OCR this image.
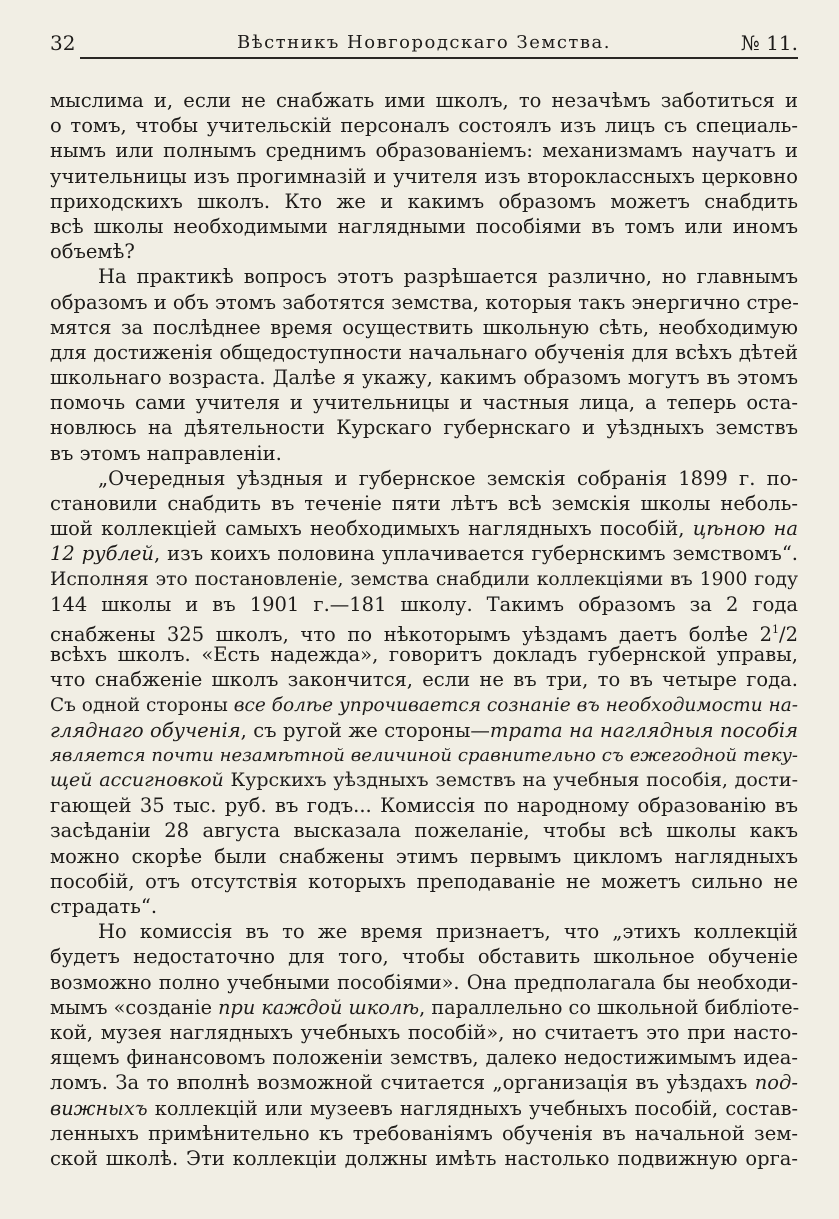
32	Вѣстникъ Новгородскаго Земства.	№ 11.
мыслима и, если не снабжать ими школъ, то незачѣмъ заботиться и
о томъ, чтобы учительскій персоналъ состоялъ изъ лицъ съ специаль-
нымъ или полнымъ среднимъ образованіемъ: механизмамъ научатъ и
учительницы изъ прогимназій и учителя изъ второклассныхъ церковно
приходскихъ школъ. Кто же и какимъ образомъ можетъ снабдить
всѣ школы необходимыми наглядными пособіями въ томъ или иномъ
объемѣ?
На практикѣ вопросъ этотъ разрѣшается различно, но главнымъ
образомъ и объ этомъ заботятся земства, которыя такъ энергично стре-
мятся за послѣднее время осуществить школьную сѣть, необходимую
для достиженія общедоступности начальнаго обученія для всѣхъ дѣтей
школьнаго возраста. Далѣе я укажу, какимъ образомъ могутъ въ этомъ
помочь сами учителя и учительницы и частныя лица, а теперь оста-
новлюсь на дѣятельности Курскаго губернскаго и уѣздныхъ земствъ
въ этомъ направленіи.
„Очередныя уѣздныя и губернское земскія собранія 1899 г. по-
становили снабдить въ теченіе пяти лѣтъ всѣ земскія школы неболь-
шой коллекціей самыхъ необходимыхъ наглядныхъ пособій, цѣною на
12 рублей, изъ коихъ половина уплачивается губернскимъ земствомъ“.
Исполняя это постановленіе, земства снабдили коллекціями въ 1900 году
144 школы и въ 1901 г.—181 школу. Такимъ образомъ за 2 года
снабжены 325 школъ, что по нѣкоторымъ уѣздамъ даетъ болѣе $2^1/2$
всѣхъ школъ. «Есть надежда», говоритъ докладъ губернской управы,
что снабженіе школъ закончится, если не въ три, то въ четыре года.
Съ одной стороны все болѣе упрочивается сознаніе въ необходимости на-
гляднаго обученія, съ ругой же стороны—трата на наглядныя пособія
является почти незамѣтной величиной сравнительно съ ежегодной теку-
щей ассигновкой Курскихъ уѣздныхъ земствъ на учебныя пособія, дости-
гающей 35 тыс. руб. въ годъ... Комиссія по народному образованію въ
засѣданіи 28 августа высказала пожеланіе, чтобы всѣ школы какъ
можно скорѣе были снабжены этимъ первымъ цикломъ наглядныхъ
пособій, отъ отсутствія которыхъ преподаваніе не можетъ сильно не
страдать“.
Но комиссія въ то же время признаетъ, что „этихъ коллекцій
будетъ недостаточно для того, чтобы обставить школьное обученіе
возможно полно учебными пособіями». Она предполагала бы необходи-
мымъ «созданіе при каждой школѣ, параллельно со школьной библіоте-
кой, музея наглядныхъ учебныхъ пособій», но считаетъ это при насто-
ящемъ финансовомъ положеніи земствъ, далеко недостижимымъ идеа-
ломъ. За то вполнѣ возможной считается „организація въ уѣздахъ под-
вижныхъ коллекцій или музеевъ наглядныхъ учебныхъ пособій, состав-
ленныхъ примѣнительно къ требованіямъ обученія въ начальной зем-
ской школѣ. Эти коллекціи должны имѣть настолько подвижную орга-
